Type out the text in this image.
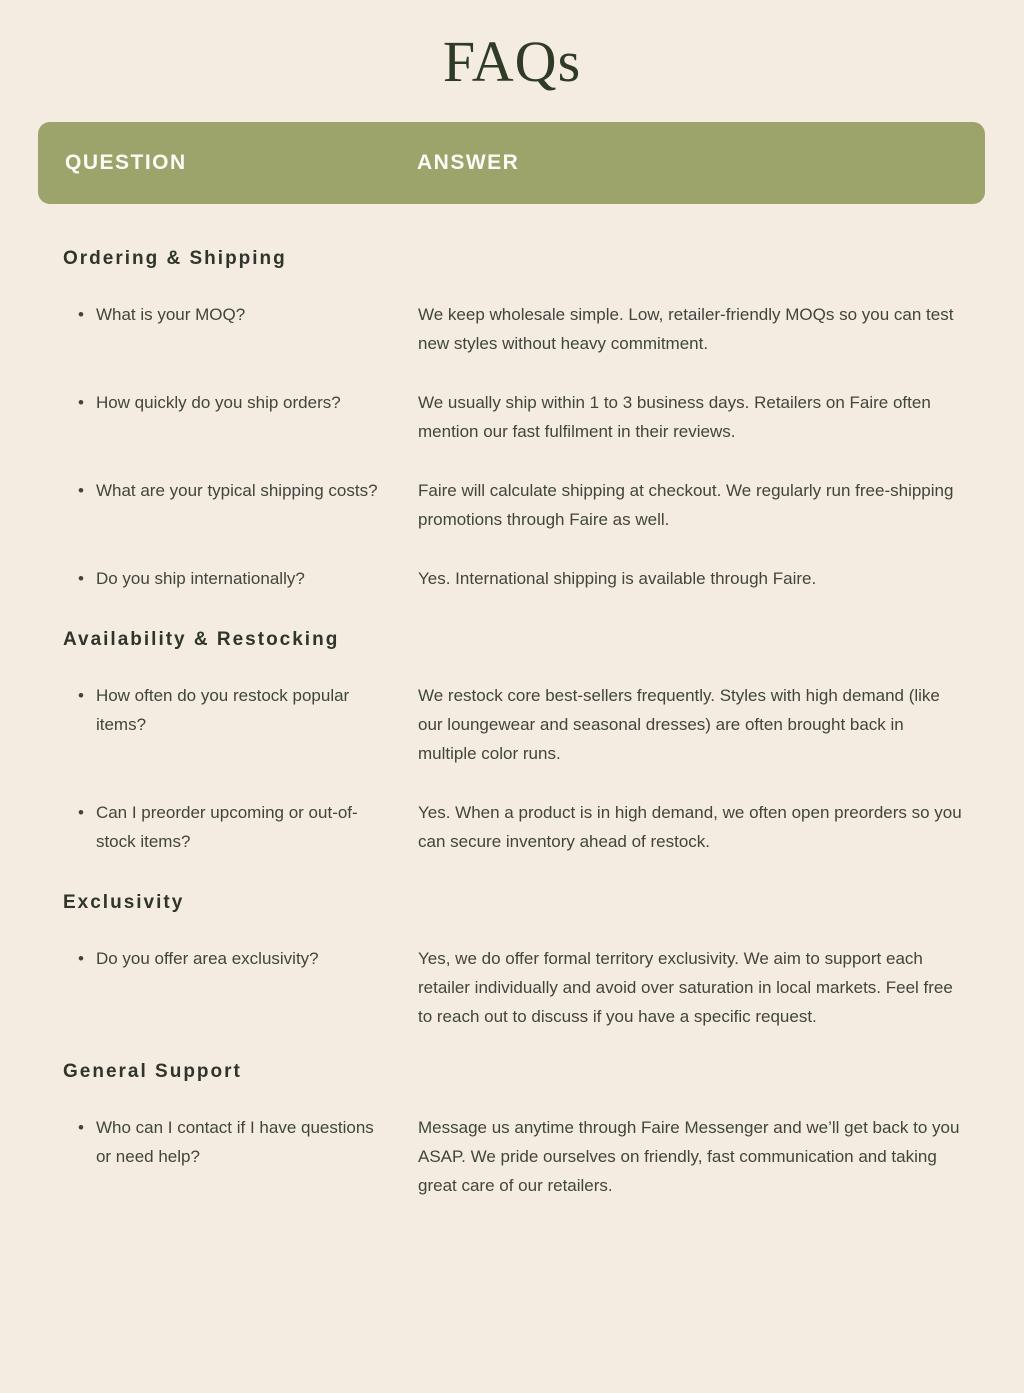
FAQs
QUESTION	ANSWER
Ordering & Shipping
• What is your MOQ?	We keep wholesale simple. Low, retailer-friendly MOQs so you can test new styles without heavy commitment.
• How quickly do you ship orders?	We usually ship within 1 to 3 business days. Retailers on Faire often mention our fast fulfilment in their reviews.
• What are your typical shipping costs? Faire will calculate shipping at checkout. We regularly run free-shipping promotions through Faire as well.
• Do you ship internationally?	Yes. International shipping is available through Faire.
Availability & Restocking
• How often do you restock popular items?
We restock core best-sellers frequently. Styles with high demand (like our loungewear and seasonal dresses) are often brought back in multiple color runs.
• Can I preorder upcoming or out-of-stock items?
Yes. When a product is in high demand, we often open preorders so you can secure inventory ahead of restock.
Exclusivity
• Do you offer area exclusivity?	Yes, we do offer formal territory exclusivity. We aim to support each retailer individually and avoid over saturation in local markets. Feel free to reach out to discuss if you have a specific request.
General Support
• Who can I contact if I have questions or need help?
Message us anytime through Faire Messenger and we’ll get back to you ASAP. We pride ourselves on friendly, fast communication and taking great care of our retailers.
